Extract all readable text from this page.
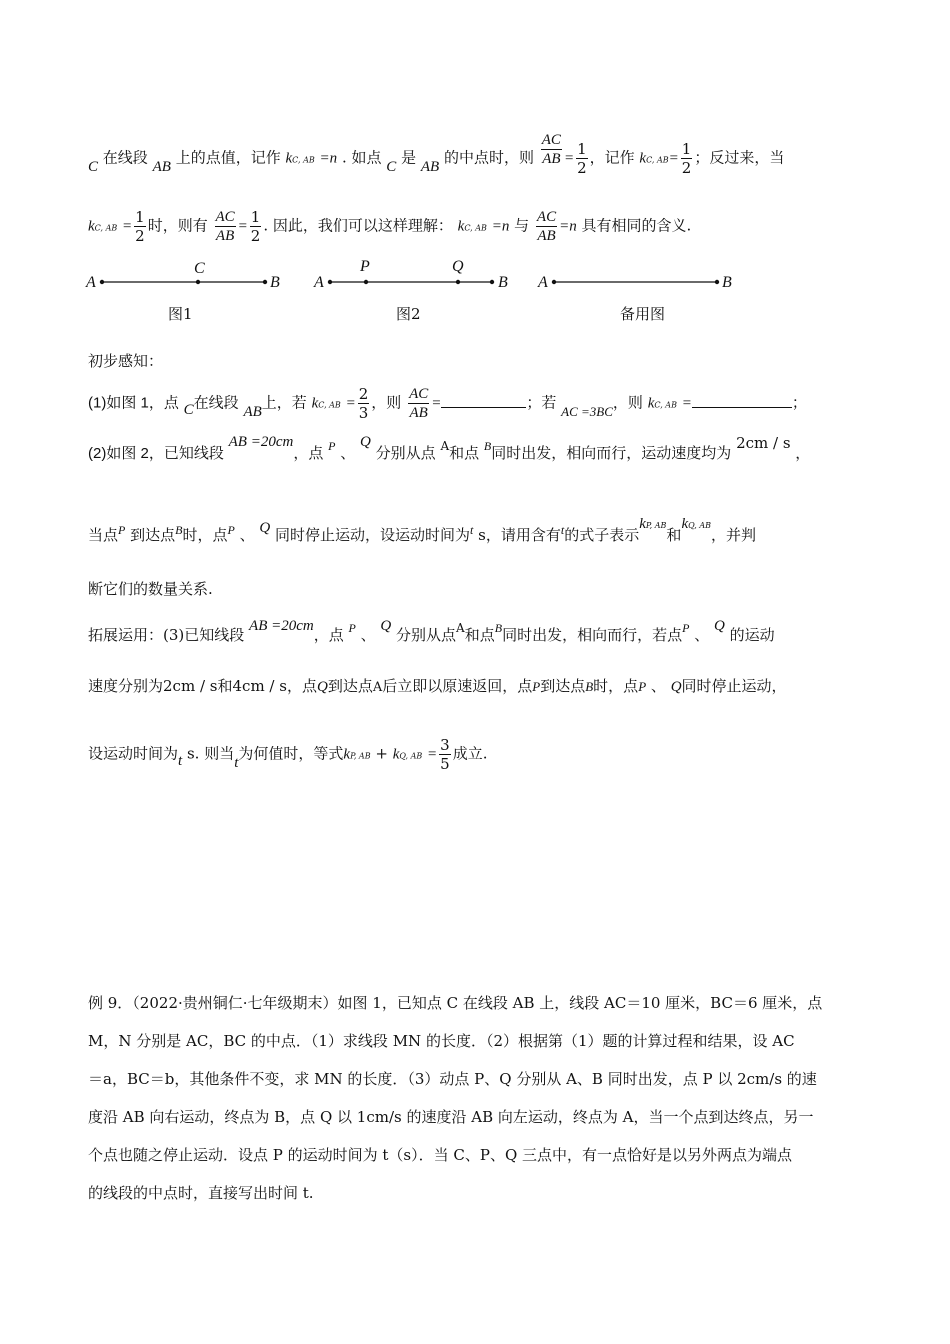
C 在线段 AB 上的点值，记作 kC, AB =n . 如点 C 是 AB 的中点时，则 $\frac{AC}{AB} = \frac{1}{2}$ ，记作 kC, $AB= \frac{1}{2}$ ；反过来，当
kC, AB = $\frac{1}{2}$ 时，则有 $\frac{AC}{AB} = \frac{1}{2}$ . 因此，我们可以这样理解： kC, AB =n 与 $\frac{AC}{AB} =n$ 具有相同的含义.
A
C
B A
P	Q
B A	B
图1	图2	备用图
初步感知：
(1)如图 1，点 C在线段 AB上，若 kC, AB = $\frac{2}{3}$ ，则 $\frac{AC}{AB}$ =	；若 AC =3BC，则 kC, AB =	；
(2)如图 2，已知线段 AB =20cm，点 $^P$ 、 Q 分别从点 $^A$和点 $^B$同时出发，相向而行，运动速度均为 2cm / s ，
当点$^P$ 到达点$^B$时，点$^P$ 、 Q 同时停止运动，设运动时间为$^t$ s，请用含有$^t$的式子表示kP, AB和kQ, AB，并判
断它们的数量关系.
拓展运用：(3)已知线段 AB =20cm，点 $^P$ 、 Q 分别从点$^A$和点$^B$同时出发，相向而行，若点$^P$ 、 Q 的运动
速度分别为2cm / s和4cm / s，点Q到达点A后立即以原速返回，点P到达点B时，点P 、 Q同时停止运动，
设运动时间为t s. 则当t为何值时，等式kP, AB + kQ, AB = $\frac{3}{5}$ 成立.
例 9．（2022·贵州铜仁·七年级期末）如图 1，已知点 C 在线段 AB 上，线段 AC＝10 厘米，BC＝6 厘米，点
M，N 分别是 AC，BC 的中点．（1）求线段 MN 的长度．（2）根据第（1）题的计算过程和结果，设 AC
＝a，BC＝b，其他条件不变，求 MN 的长度．（3）动点 P、Q 分别从 A、B 同时出发，点 P 以 2cm/s 的速
度沿 AB 向右运动，终点为 B，点 Q 以 1cm/s 的速度沿 AB 向左运动，终点为 A，当一个点到达终点，另一
个点也随之停止运动．设点 P 的运动时间为 t（s）．当 C、P、Q 三点中，有一点恰好是以另外两点为端点
的线段的中点时，直接写出时间 t.
